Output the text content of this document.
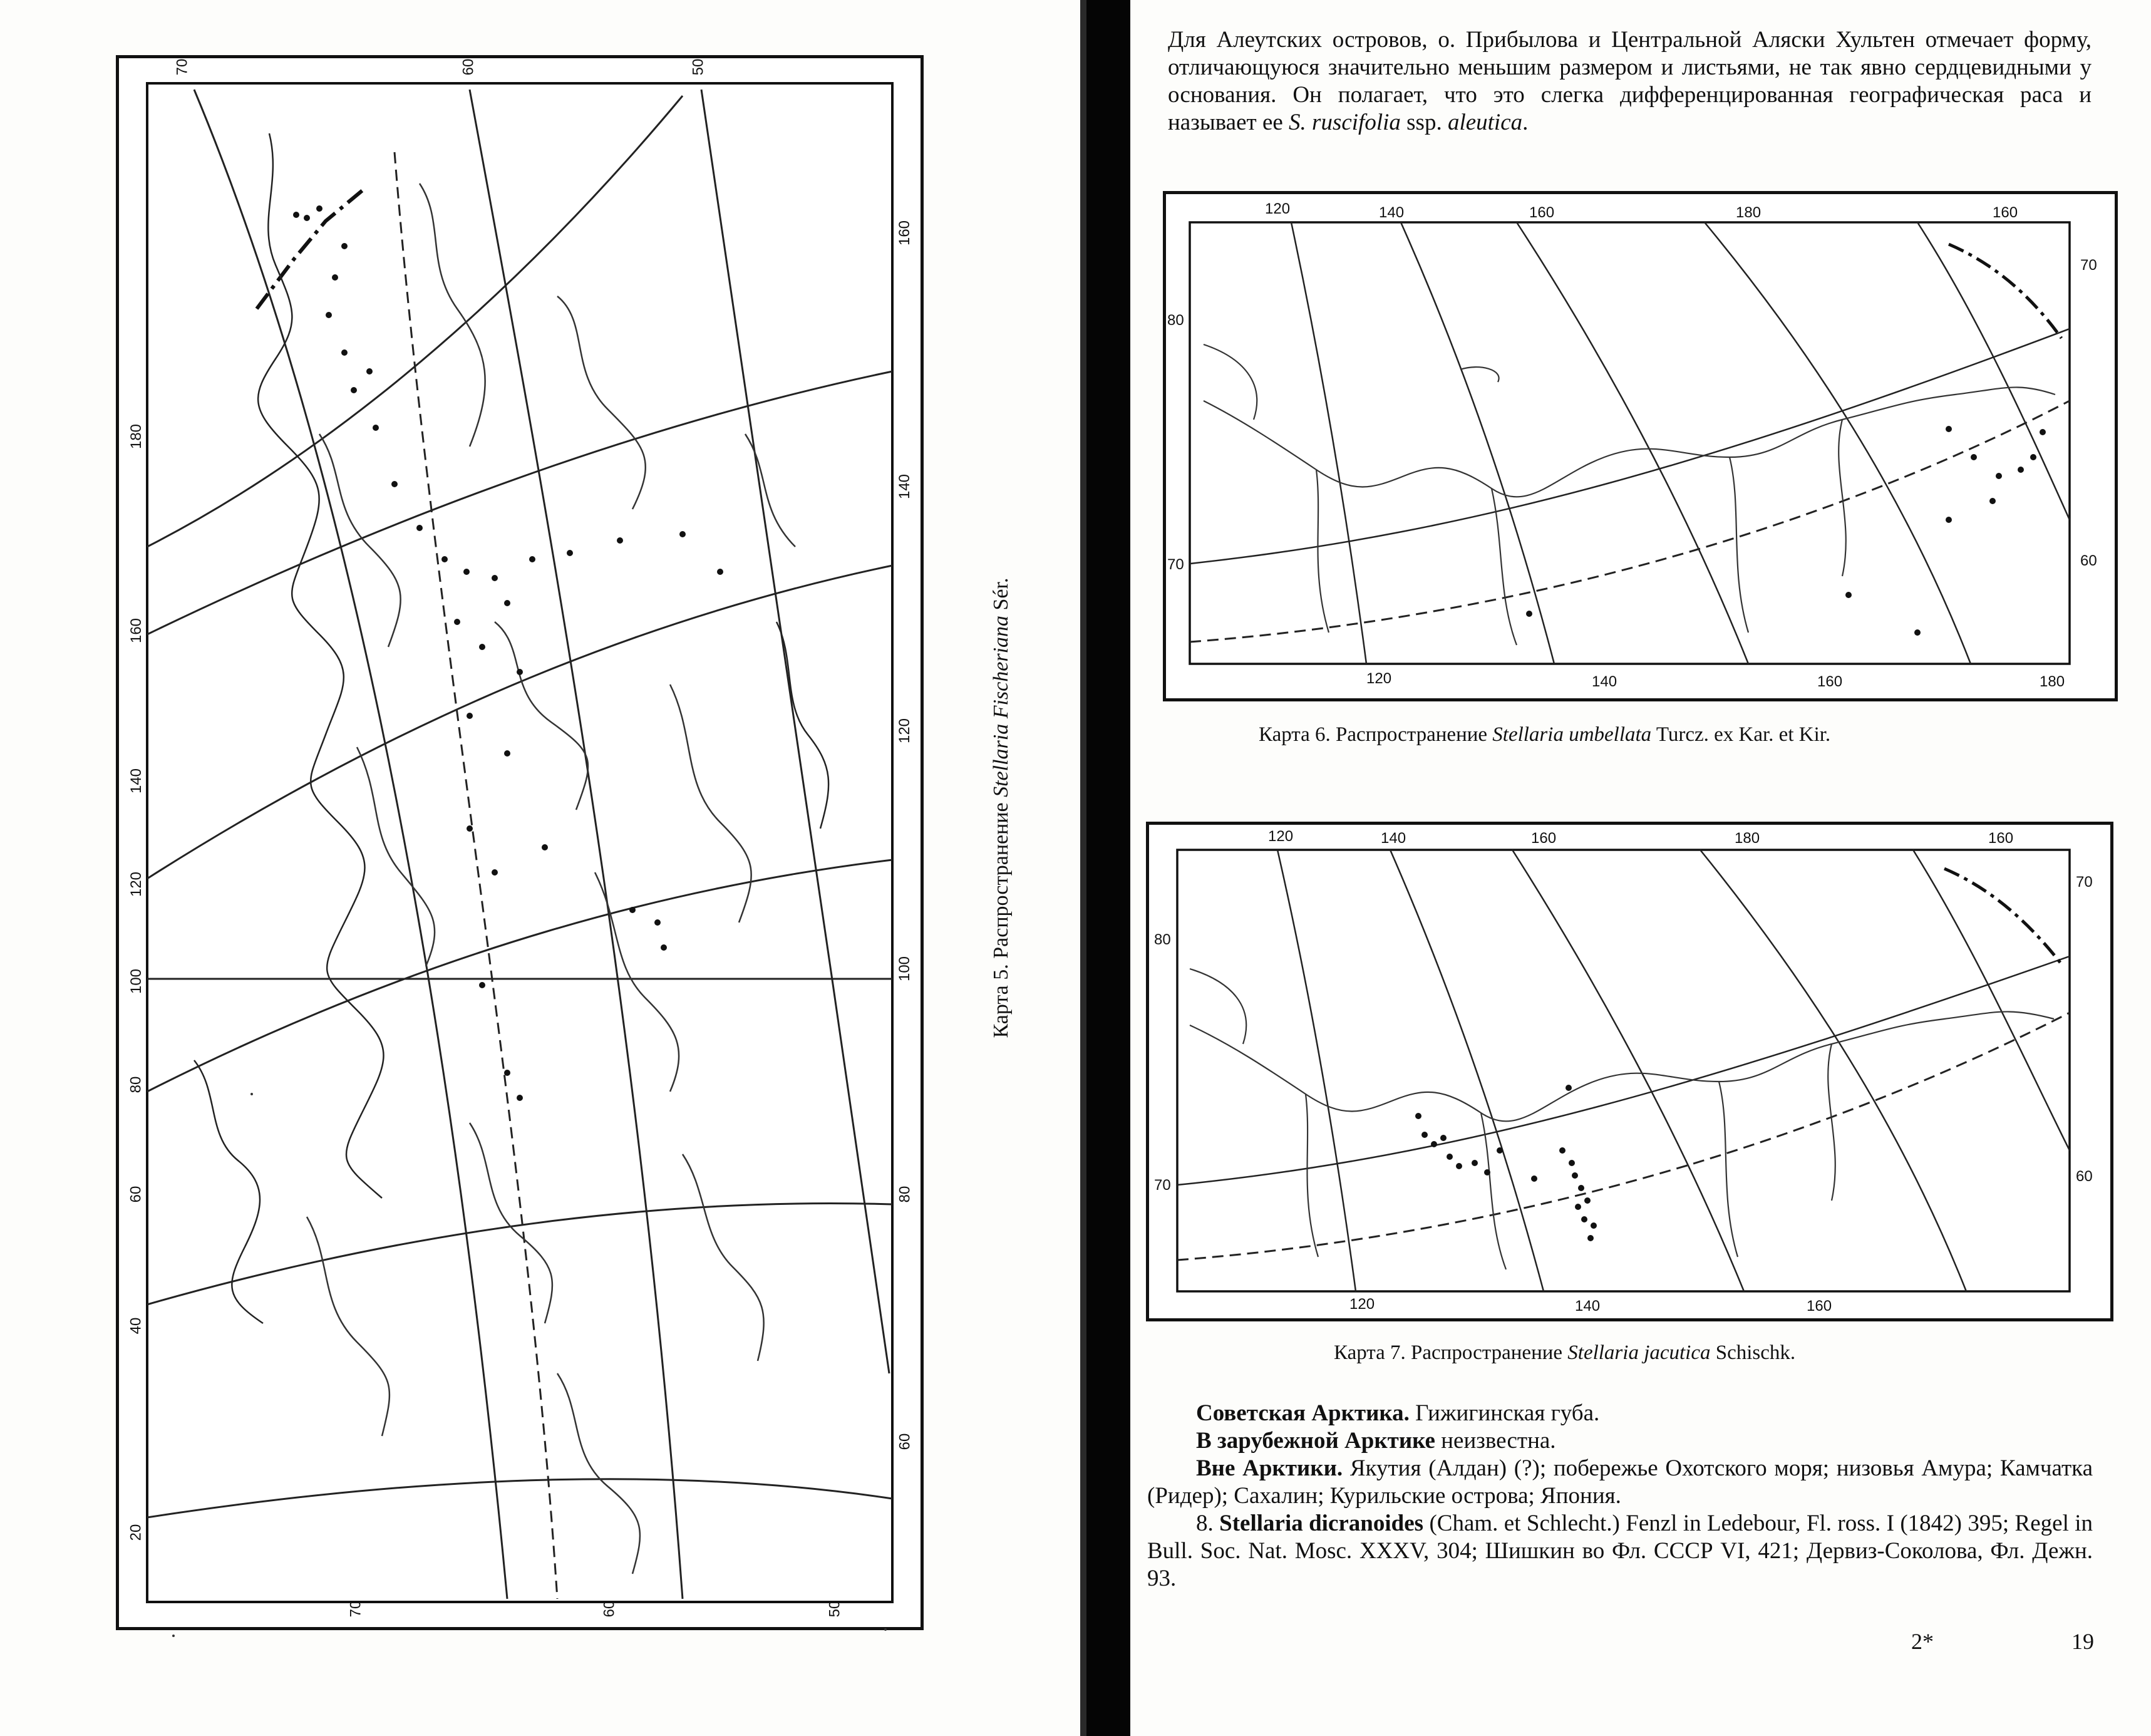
180
160
140
120
100
80
60
40
20
160
140
120
100
80
60
70	60	50
70	60	50
Карта 5. Распространение Stellaria Fischeriana Sér.
Для Алеутских островов, о. Прибылова и Центральной Аляски Хультен отмечает форму, отличающуюся значительно меньшим размером и листьями, не так явно сердцевидными у основания. Он полагает, что это слегка дифференцированная географическая раса и называет ее S. ruscifolia ssp. aleutica.
120	140	160	180	160
120	140	160	180
80
70
70
60
Карта 6. Распространение Stellaria umbellata Turcz. ex Kar. et Kir.
120	140	160	180	160
120	140	160
80
70
70
60
Карта 7. Распространение Stellaria jacutica Schischk.

Советская Арктика. Гижигинская губа.

В зарубежной Арктике неизвестна.

Вне Арктики. Якутия (Алдан) (?); побережье Охотского моря; низовья Амура; Камчатка (Ридер); Сахалин; Курильские острова; Япония.

8. Stellaria dicranoides (Cham. et Schlecht.) Fenzl in Ledebour, Fl. ross. I (1842) 395; Regel in Bull. Soc. Nat. Mosc. XXXV, 304; Шишкин во Фл. СССР VI, 421; Дервиз-Соколова, Фл. Дежн. 93.

2*	19
